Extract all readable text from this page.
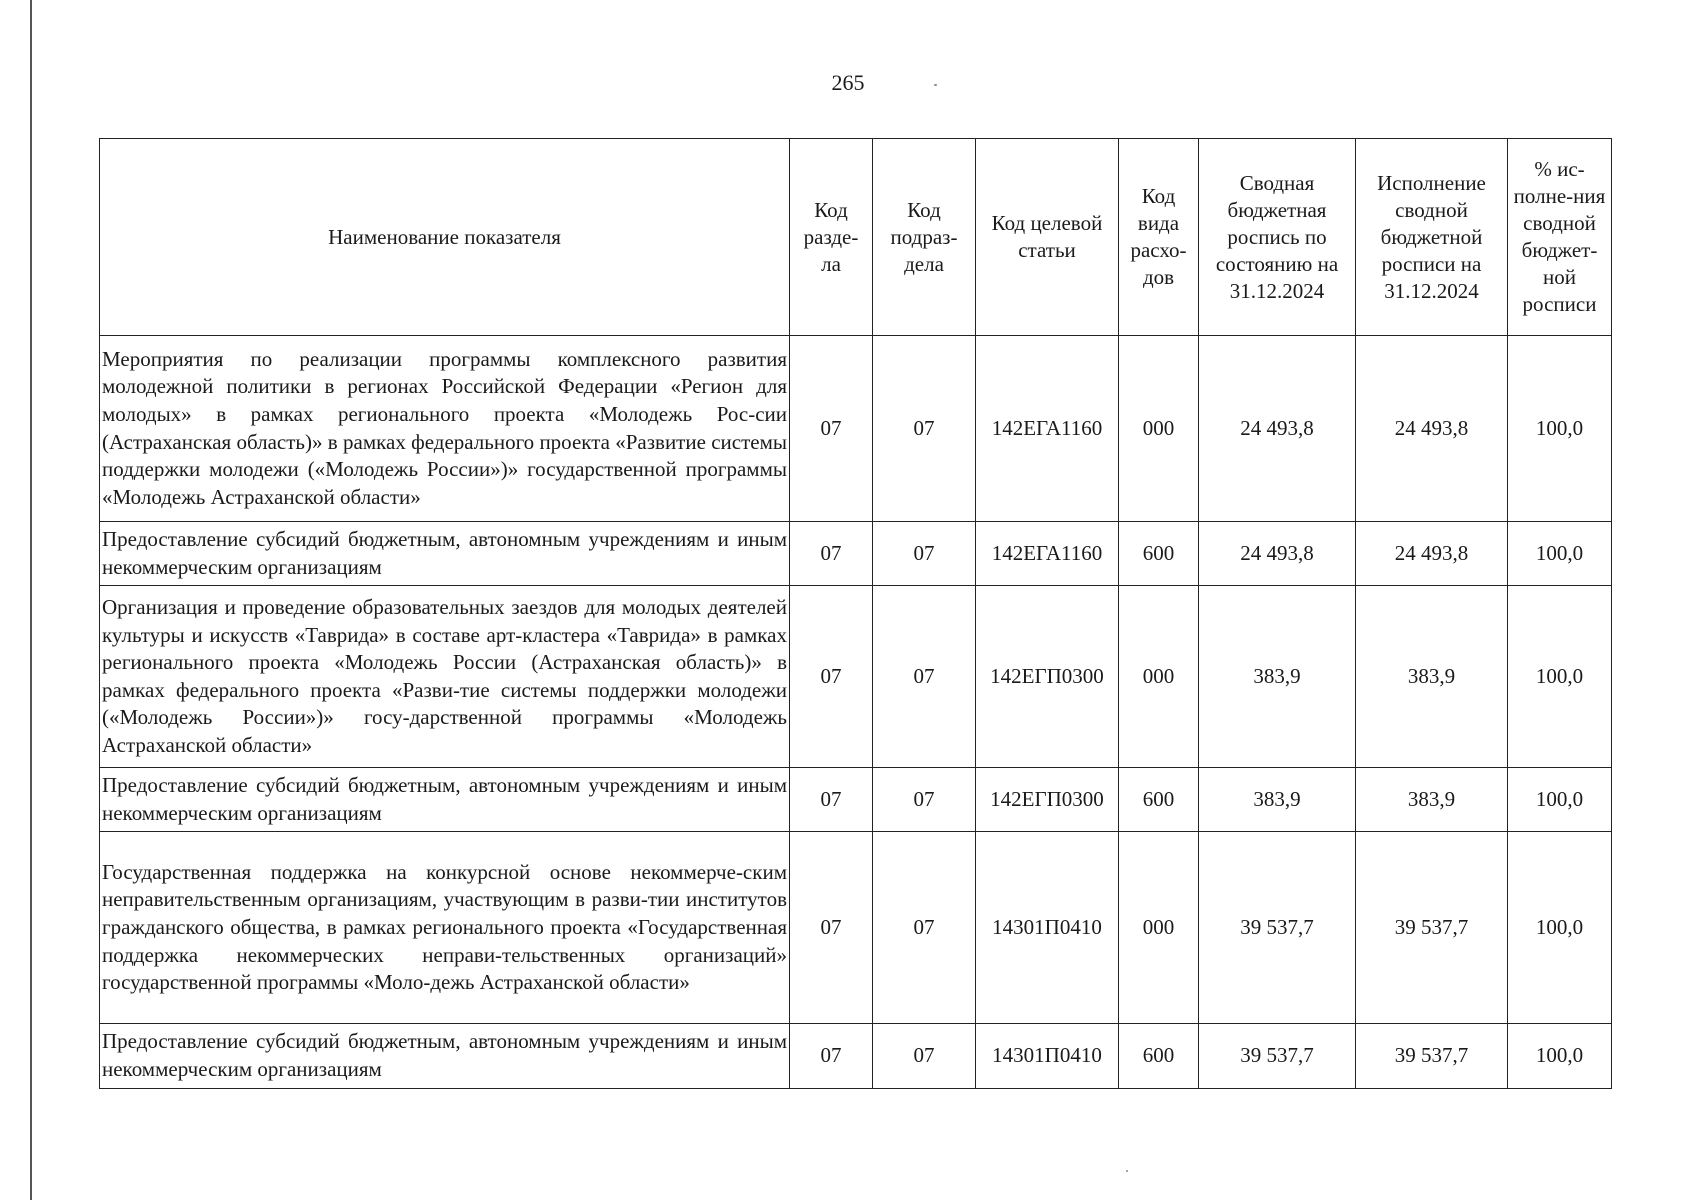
265
Наименование показателя	Код разде-ла	Код подраз-дела	Код целевой статьи	Код вида расхо-дов	Сводная бюджетная роспись по состоянию на 31.12.2024	Исполнение сводной бюджетной росписи на 31.12.2024	% ис-полне-ния сводной бюджет-ной росписи
Мероприятия по реализации программы комплексного развития молодежной политики в регионах Российской Федерации «Регион для молодых» в рамках регионального проекта «Молодежь Рос-сии (Астраханская область)» в рамках федерального проекта «Развитие системы поддержки молодежи («Молодежь России»)» государственной программы «Молодежь Астраханской области»	07	07	142ЕГА1160	000	24 493,8	24 493,8	100,0
Предоставление субсидий бюджетным, автономным учреждениям и иным некоммерческим организациям	07	07	142ЕГА1160	600	24 493,8	24 493,8	100,0
Организация и проведение образовательных заездов для молодых деятелей культуры и искусств «Таврида» в составе арт-кластера «Таврида» в рамках регионального проекта «Молодежь России (Астраханская область)» в рамках федерального проекта «Разви-тие системы поддержки молодежи («Молодежь России»)» госу-дарственной программы «Молодежь Астраханской области»	07	07	142ЕГП0300	000	383,9	383,9	100,0
Предоставление субсидий бюджетным, автономным учреждениям и иным некоммерческим организациям	07	07	142ЕГП0300	600	383,9	383,9	100,0
Государственная поддержка на конкурсной основе некоммерче-ским неправительственным организациям, участвующим в разви-тии институтов гражданского общества, в рамках регионального проекта «Государственная поддержка некоммерческих неправи-тельственных организаций» государственной программы «Моло-дежь Астраханской области»	07	07	14301П0410	000	39 537,7	39 537,7	100,0
Предоставление субсидий бюджетным, автономным учреждениям и иным некоммерческим организациям	07	07	14301П0410	600	39 537,7	39 537,7	100,0
